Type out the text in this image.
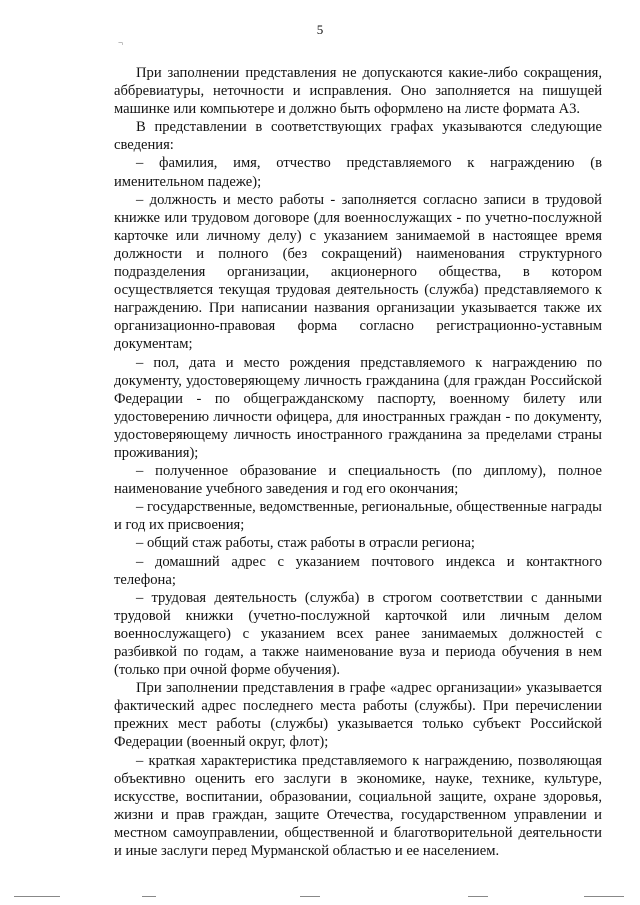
5
¬

При заполнении представления не допускаются какие-либо сокращения, аббревиатуры, неточности и исправления. Оно заполняется на пишущей машинке или компьютере и должно быть оформлено на листе формата А3.

В представлении в соответствующих графах указываются следующие сведения:

– фамилия, имя, отчество представляемого к награждению (в именительном падеже);

– должность и место работы - заполняется согласно записи в трудовой книжке или трудовом договоре (для военнослужащих - по учетно-послужной карточке или личному делу) с указанием занимаемой в настоящее время должности и полного (без сокращений) наименования структурного подразделения организации, акционерного общества, в котором осуществляется текущая трудовая деятельность (служба) представляемого к награждению. При написании названия организации указывается также их организационно-правовая форма согласно регистрационно-уставным документам;

– пол, дата и место рождения представляемого к награждению по документу, удостоверяющему личность гражданина (для граждан Российской Федерации - по общегражданскому паспорту, военному билету или удостоверению личности офицера, для иностранных граждан - по документу, удостоверяющему личность иностранного гражданина за пределами страны проживания);

– полученное образование и специальность (по диплому), полное наименование учебного заведения и год его окончания;

– государственные, ведомственные, региональные, общественные награды и год их присвоения;

– общий стаж работы, стаж работы в отрасли региона;

– домашний адрес с указанием почтового индекса и контактного телефона;

– трудовая деятельность (служба) в строгом соответствии с данными трудовой книжки (учетно-послужной карточкой или личным делом военнослужащего) с указанием всех ранее занимаемых должностей с разбивкой по годам, а также наименование вуза и периода обучения в нем (только при очной форме обучения).

При заполнении представления в графе «адрес организации» указывается фактический адрес последнего места работы (службы). При перечислении прежних мест работы (службы) указывается только субъект Российской Федерации (военный округ, флот);

– краткая характеристика представляемого к награждению, позволяющая объективно оценить его заслуги в экономике, науке, технике, культуре, искусстве, воспитании, образовании, социальной защите, охране здоровья, жизни и прав граждан, защите Отечества, государственном управлении и местном самоуправлении, общественной и благотворительной деятельности и иные заслуги перед Мурманской областью и ее населением.
